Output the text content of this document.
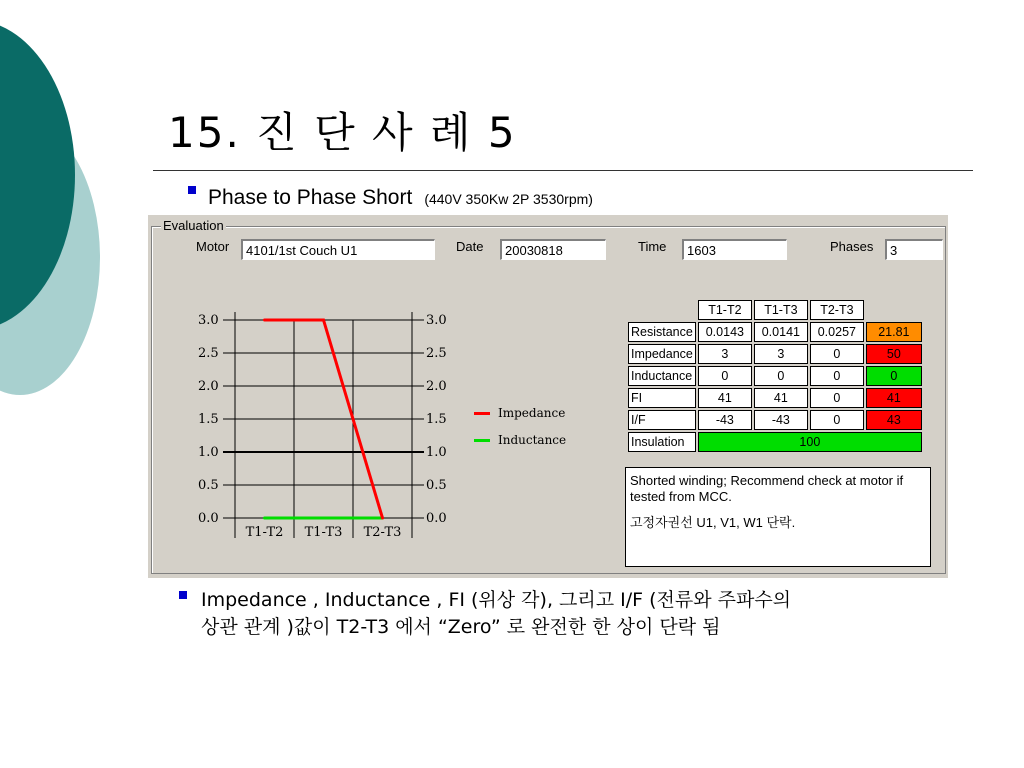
15. 진 단 사 례 5
Phase to Phase Short (440V 350Kw 2P 3530rpm)
Evaluation
Motor	4101/1st Couch U1	Date	20030818	Time	1603	Phases	3
3.0
2.5
2.0
1.5
1.0
0.5
0.0
3.0
2.5
2.0
1.5
1.0
0.5
0.0
T1-T2 T1-T3 T2-T3
Impedance
Inductance
	T1-T2	T1-T3	T2-T3	
Resistance	0.0143	0.0141	0.0257	21.81
Impedance	3	3	0	50
Inductance	0	0	0	0
FI	41	41	0	41
I/F	-43	-43	0	43
Insulation	100			
Shorted winding; Recommend check at motor if tested from MCC.
고정자권선 U1, V1, W1 단락.
Impedance , Inductance , FI (위상 각), 그리고 I/F (전류와 주파수의
상관 관계 )값이 T2-T3 에서 “Zero” 로 완전한 한 상이 단락 됨
